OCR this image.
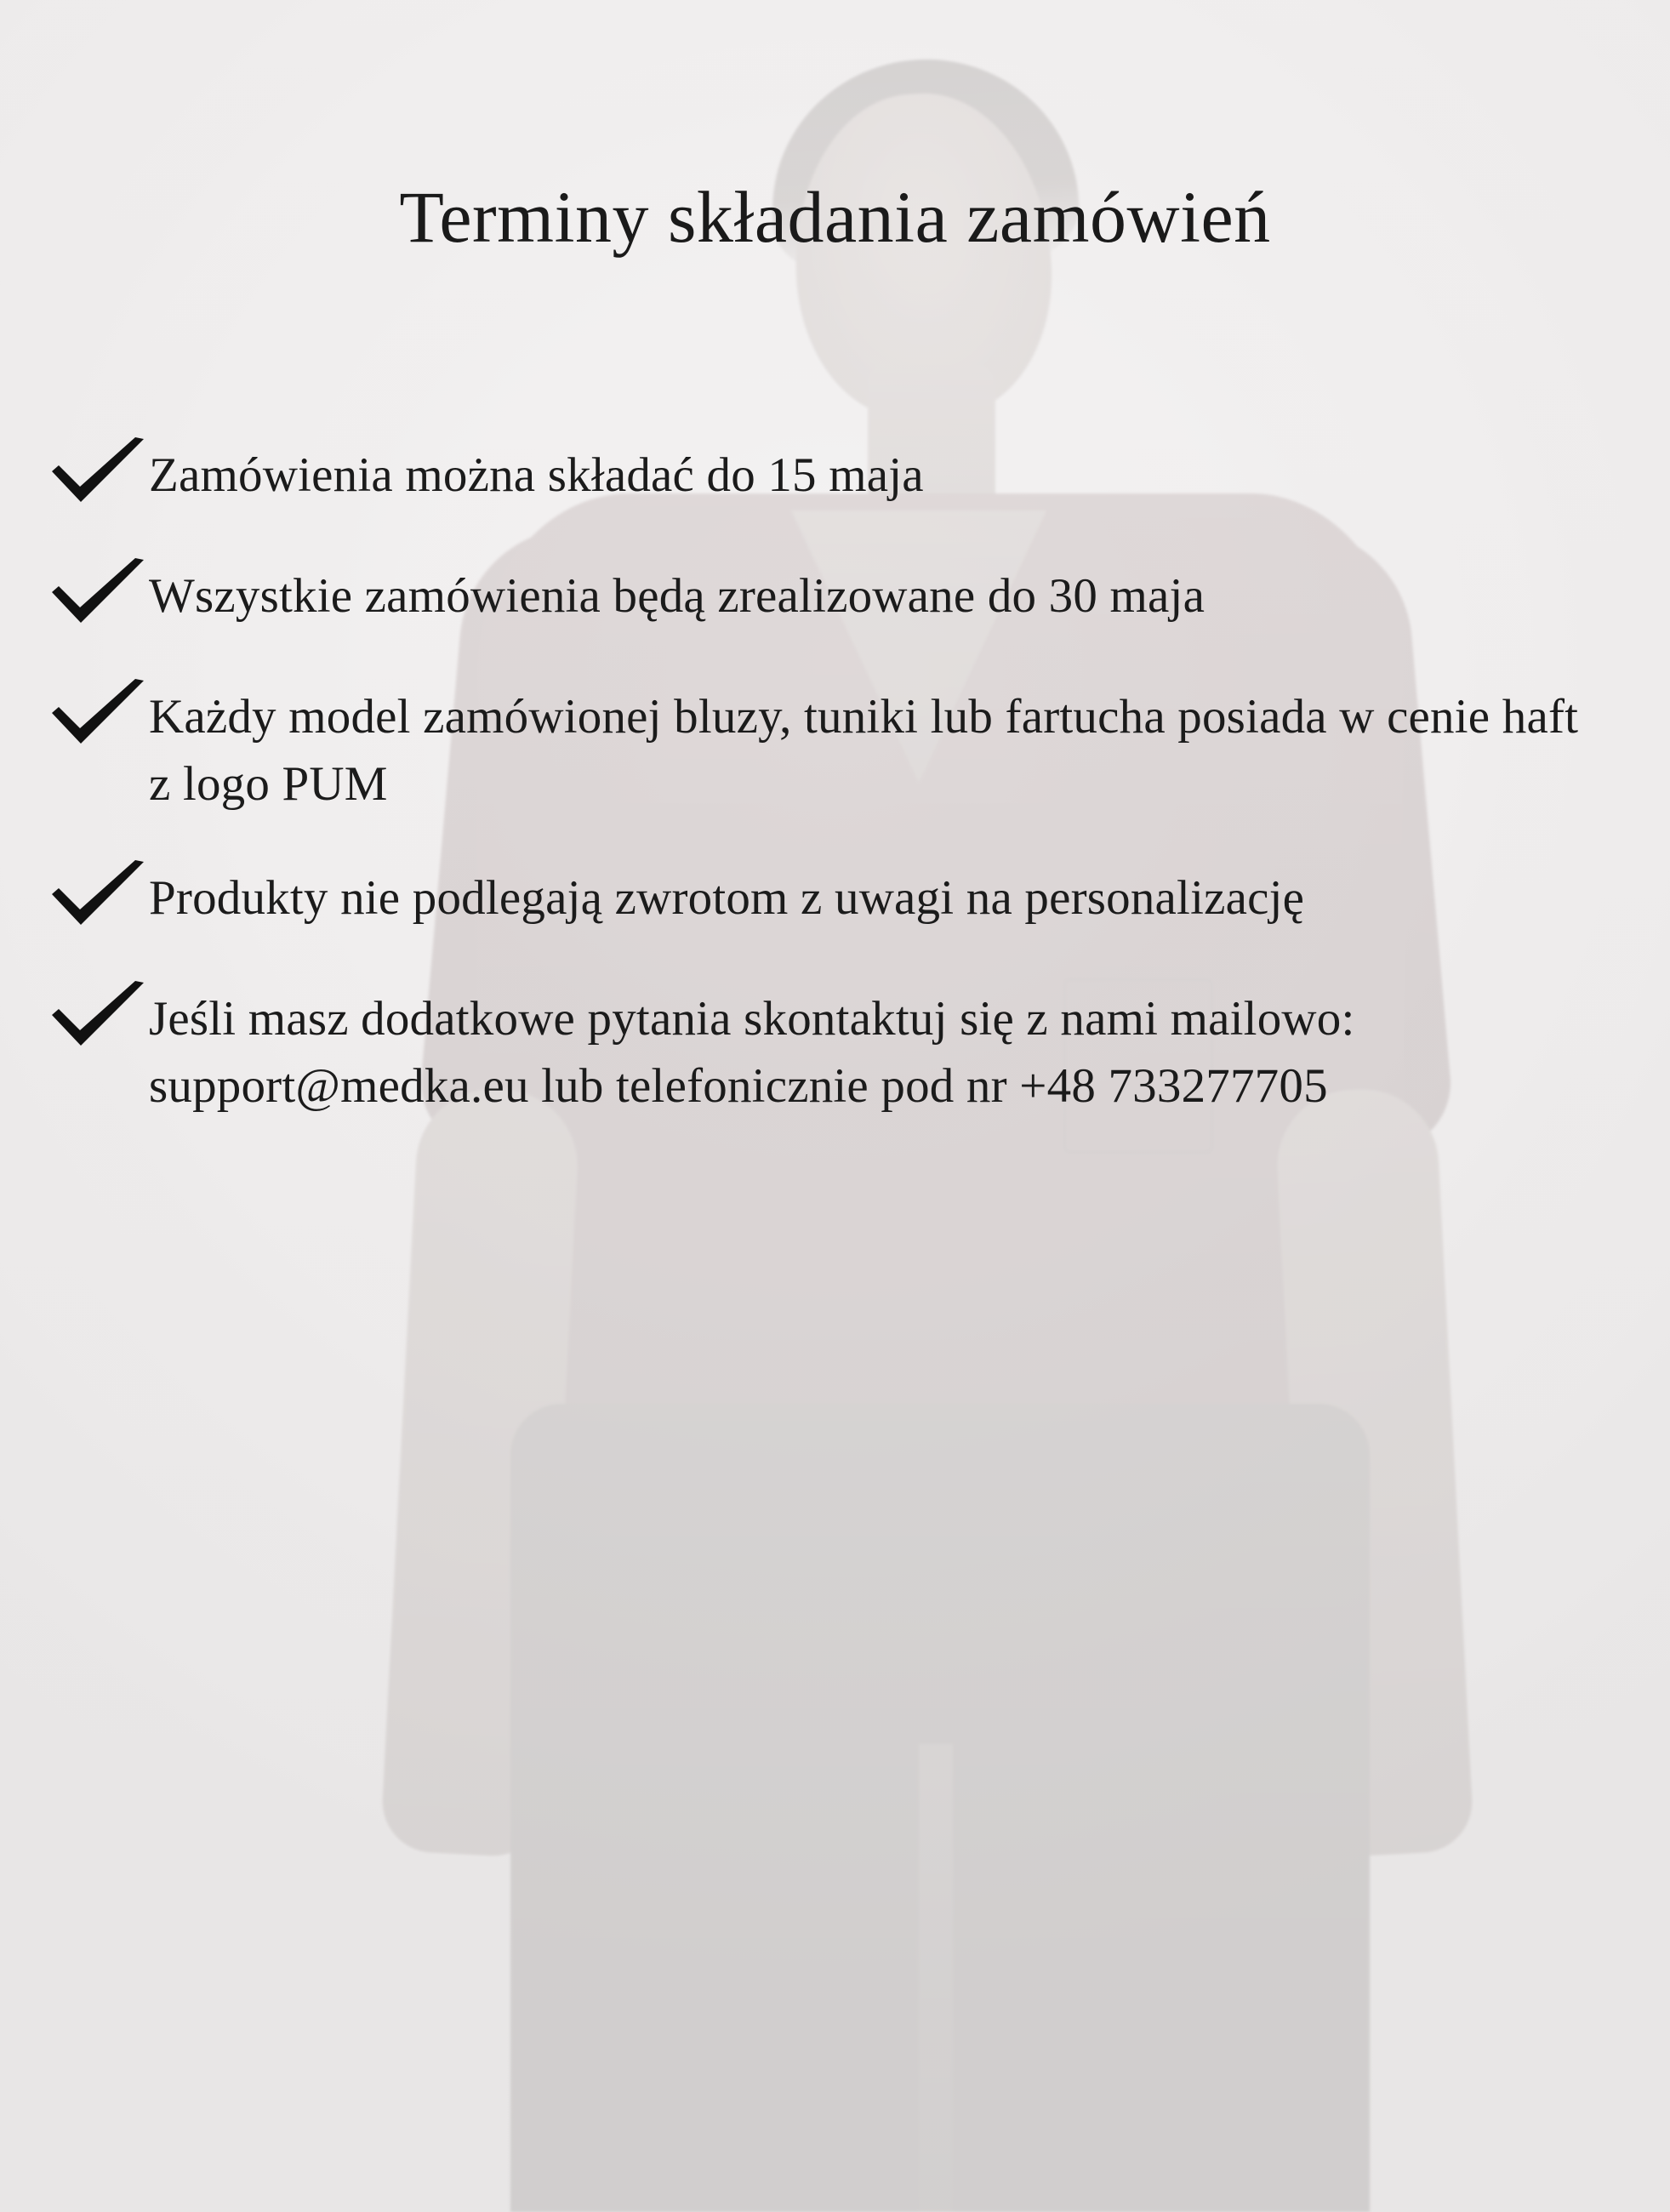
Terminy składania zamówień
Zamówienia można składać do 15 maja
Wszystkie zamówienia będą zrealizowane do 30 maja
Każdy model zamówionej bluzy, tuniki lub fartucha posiada w cenie haft z logo PUM
Produkty nie podlegają zwrotom z uwagi na personalizację
Jeśli masz dodatkowe pytania skontaktuj się z nami mailowo: support@medka.eu lub telefonicznie pod nr +48 733277705
